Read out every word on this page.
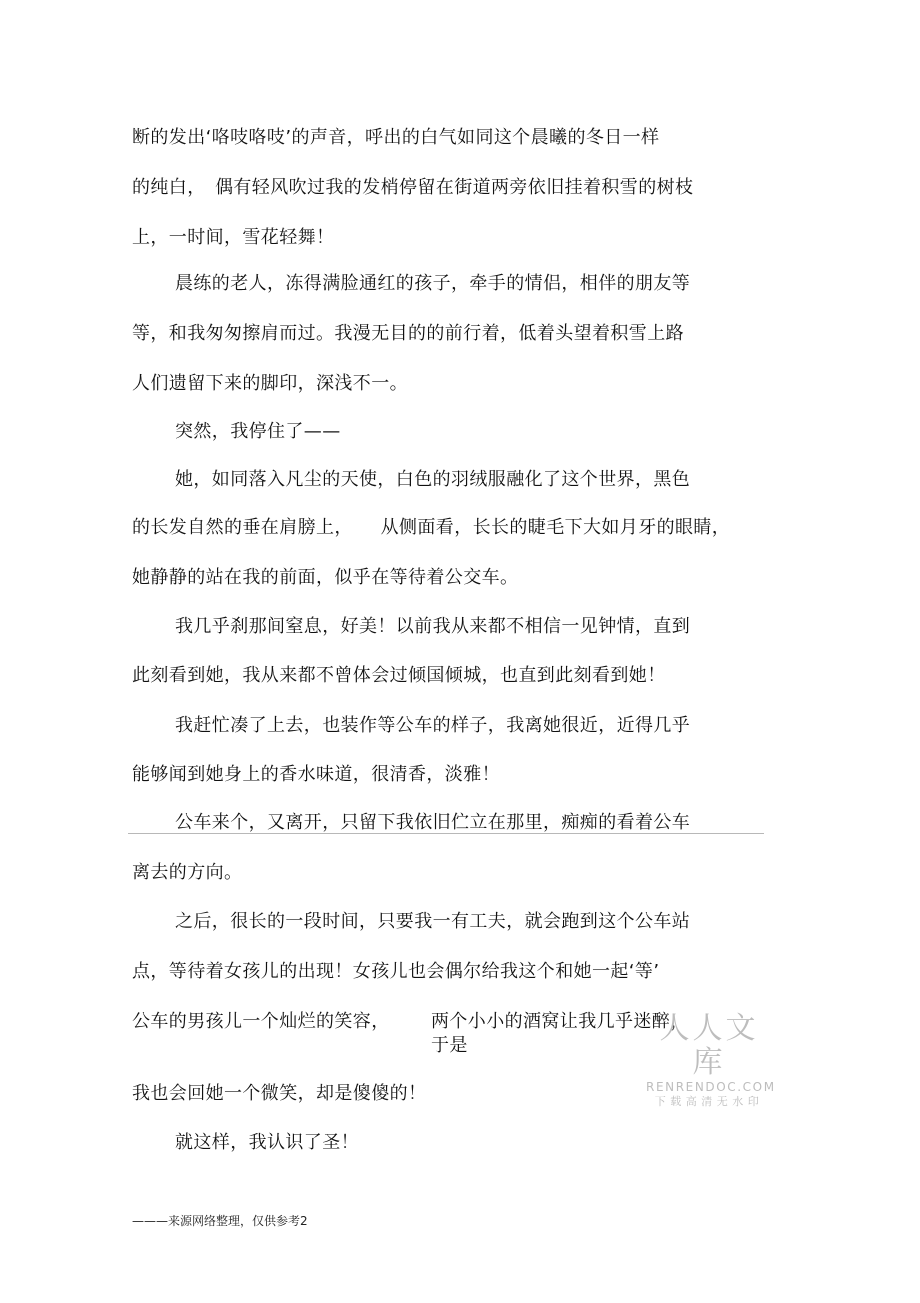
断的发出‘咯吱咯吱’的声音，呼出的白气如同这个晨曦的冬日一样
的纯白，　偶有轻风吹过我的发梢停留在街道两旁依旧挂着积雪的树枝
上，一时间，雪花轻舞！
晨练的老人，冻得满脸通红的孩子，牵手的情侣，相伴的朋友等
等，和我匆匆擦肩而过。我漫无目的的前行着，低着头望着积雪上路
人们遗留下来的脚印，深浅不一。
突然，我停住了——
她，如同落入凡尘的天使，白色的羽绒服融化了这个世界，黑色
的长发自然的垂在肩膀上，　　从侧面看，长长的睫毛下大如月牙的眼睛，
她静静的站在我的前面，似乎在等待着公交车。
我几乎刹那间窒息，好美！以前我从来都不相信一见钟情，直到
此刻看到她，我从来都不曾体会过倾国倾城，也直到此刻看到她！
我赶忙凑了上去，也装作等公车的样子，我离她很近，近得几乎
能够闻到她身上的香水味道，很清香，淡雅！
公车来个，又离开，只留下我依旧伫立在那里，痴痴的看着公车
离去的方向。
之后，很长的一段时间，只要我一有工夫，就会跑到这个公车站
点，等待着女孩儿的出现！女孩儿也会偶尔给我这个和她一起‘等’
公车的男孩儿一个灿烂的笑容， 两个小小的酒窝让我几乎迷醉，
于是
我也会回她一个微笑，却是傻傻的！
就这样，我认识了圣！
人人文库
RENRENDOC.COM
下载高清无水印
———来源网络整理，仅供参考2
